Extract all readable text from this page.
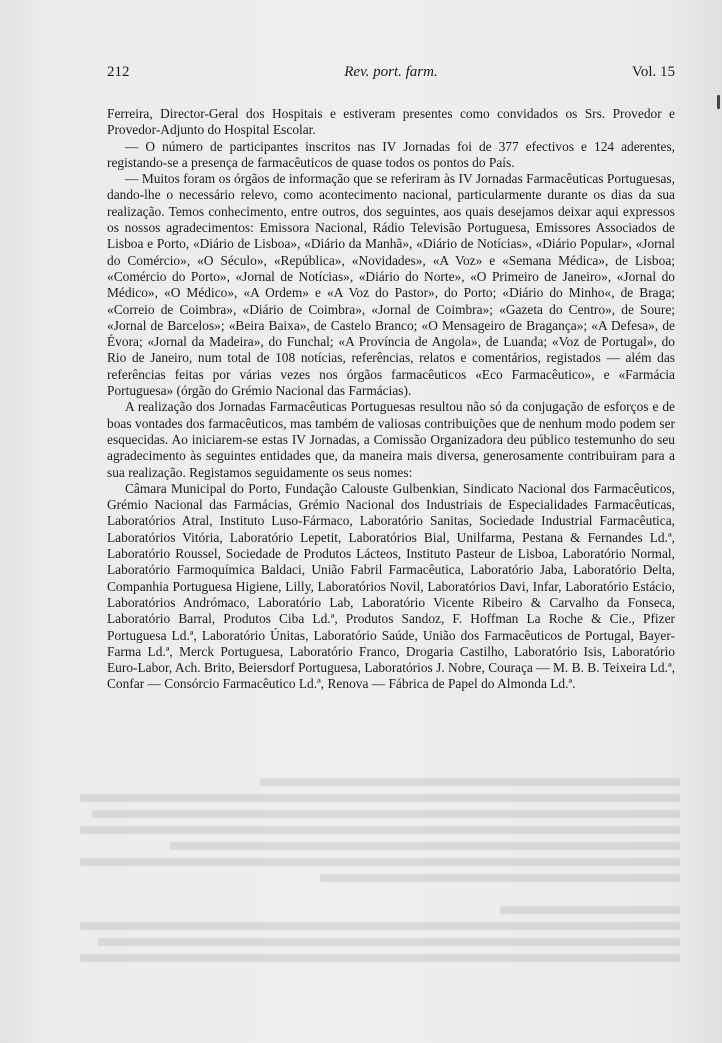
212	Rev. port. farm.	Vol. 15

Ferreira, Director-Geral dos Hospitais e estiveram presentes como convidados os Srs. Provedor e Provedor-Adjunto do Hospital Escolar.

— O número de participantes inscritos nas IV Jornadas foi de 377 efectivos e 124 aderentes, registando-se a presença de farmacêuticos de quase todos os pontos do País.

— Muitos foram os órgãos de informação que se referiram às IV Jornadas Farmacêuticas Portuguesas, dando-lhe o necessário relevo, como acontecimento nacional, particularmente durante os dias da sua realização. Temos conhecimento, entre outros, dos seguintes, aos quais desejamos deixar aqui expressos os nossos agradecimentos: Emissora Nacional, Rádio Televisão Portuguesa, Emissores Associados de Lisboa e Porto, «Diário de Lisboa», «Diário da Manhã», «Diário de Notícias», «Diário Popular», «Jornal do Comércio», «O Século», «República», «Novidades», «A Voz» e «Semana Médica», de Lisboa; «Comércio do Porto», «Jornal de Notícias», «Diário do Norte», «O Primeiro de Janeiro», «Jornal do Médico», «O Médico», «A Ordem» e «A Voz do Pastor», do Porto; «Diário do Minho«, de Braga; «Correio de Coimbra», «Diário de Coimbra», «Jornal de Coimbra»; «Gazeta do Centro», de Soure; «Jornal de Barcelos»; «Beira Baixa», de Castelo Branco; «O Mensageiro de Bragança»; «A Defesa», de Évora; «Jornal da Madeira», do Funchal; «A Província de Angola», de Luanda; «Voz de Portugal», do Rio de Janeiro, num total de 108 notícias, referências, relatos e comentários, registados — além das referências feitas por várias vezes nos órgãos farmacêuticos «Eco Farmacêutico», e «Farmácia Portuguesa» (órgão do Grémio Nacional das Farmácias).

A realização dos Jornadas Farmacêuticas Portuguesas resultou não só da conjugação de esforços e de boas vontades dos farmacêuticos, mas também de valiosas contribuições que de nenhum modo podem ser esquecidas. Ao iniciarem-se estas IV Jornadas, a Comissão Organizadora deu público testemunho do seu agradecimento às seguintes entidades que, da maneira mais diversa, generosamente contribuiram para a sua realização. Registamos seguidamente os seus nomes:

Câmara Municipal do Porto, Fundação Calouste Gulbenkian, Sindicato Nacional dos Farmacêuticos, Grémio Nacional das Farmácias, Grémio Nacional dos Industriais de Especialidades Farmacêuticas, Laboratórios Atral, Instituto Luso-Fármaco, Laboratório Sanitas, Sociedade Industrial Farmacêutica, Laboratórios Vitória, Laboratório Lepetit, Laboratórios Bial, Unilfarma, Pestana & Fernandes Ld.ª, Laboratório Roussel, Sociedade de Produtos Lácteos, Instituto Pasteur de Lisboa, Laboratório Normal, Laboratório Farmoquímica Baldaci, União Fabril Farmacêutica, Laboratório Jaba, Laboratório Delta, Companhia Portuguesa Higiene, Lilly, Laboratórios Novil, Laboratórios Davi, Infar, Laboratório Estácio, Laboratórios Andrómaco, Laboratório Lab, Laboratório Vicente Ribeiro & Carvalho da Fonseca, Laboratório Barral, Produtos Ciba Ld.ª, Produtos Sandoz, F. Hoffman La Roche & Cie., Pfizer Portuguesa Ld.ª, Laboratório Únitas, Laboratório Saúde, União dos Farmacêuticos de Portugal, Bayer-Farma Ld.ª, Merck Portuguesa, Laboratório Franco, Drogaria Castilho, Laboratório Isis, Laboratório Euro-Labor, Ach. Brito, Beiersdorf Portuguesa, Laboratórios J. Nobre, Couraça — M. B. B. Teixeira Ld.ª, Confar — Consórcio Farmacêutico Ld.ª, Renova — Fábrica de Papel do Almonda Ld.ª.
